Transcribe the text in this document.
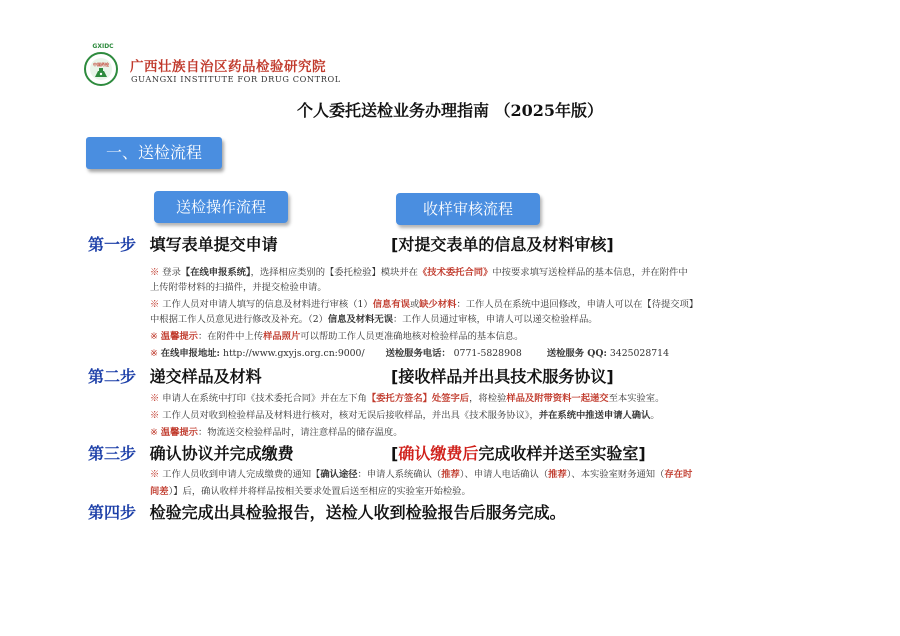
GXIDC
中国药检 广西壮族自治区药品检验研究院
GUANGXI INSTITUTE FOR DRUG CONTROL
个人委托送检业务办理指南 （2025年版）
一、送检流程
送检操作流程	收样审核流程
第一步 填写表单提交申请	[对提交表单的信息及材料审核]
※ 登录【在线申报系统】，选择相应类别的【委托检验】模块并在《技术委托合同》中按要求填写送检样品的基本信息，并在附件中
上传附带材料的扫描件，并提交检验申请。
※ 工作人员对申请人填写的信息及材料进行审核（1）信息有误或缺少材料：工作人员在系统中退回修改，申请人可以在【待提交项】
中根据工作人员意见进行修改及补充。（2）信息及材料无误：工作人员通过审核，申请人可以递交检验样品。
※ 温馨提示：在附件中上传样品照片可以帮助工作人员更准确地核对检验样品的基本信息。
※ 在线申报地址: http://www.gxyjs.org.cn:9000/ 送检服务电话： 0771-5828908	送检服务 QQ: 3425028714
第二步 递交样品及材料	[接收样品并出具技术服务协议]
※ 申请人在系统中打印《技术委托合同》并在左下角【委托方签名】处签字后，将检验样品及附带资料一起递交至本实验室。
※ 工作人员对收到检验样品及材料进行核对，核对无误后接收样品，并出具《技术服务协议》，并在系统中推送申请人确认。
※ 温馨提示：物流送交检验样品时，请注意样品的储存温度。
第三步 确认协议并完成缴费	[确认缴费后完成收样并送至实验室]
※ 工作人员收到申请人完成缴费的通知【确认途径：申请人系统确认（推荐）、申请人电话确认（推荐）、本实验室财务通知（存在时
间差）】后，确认收样并将样品按相关要求处置后送至相应的实验室开始检验。
第四步 检验完成出具检验报告，送检人收到检验报告后服务完成。
